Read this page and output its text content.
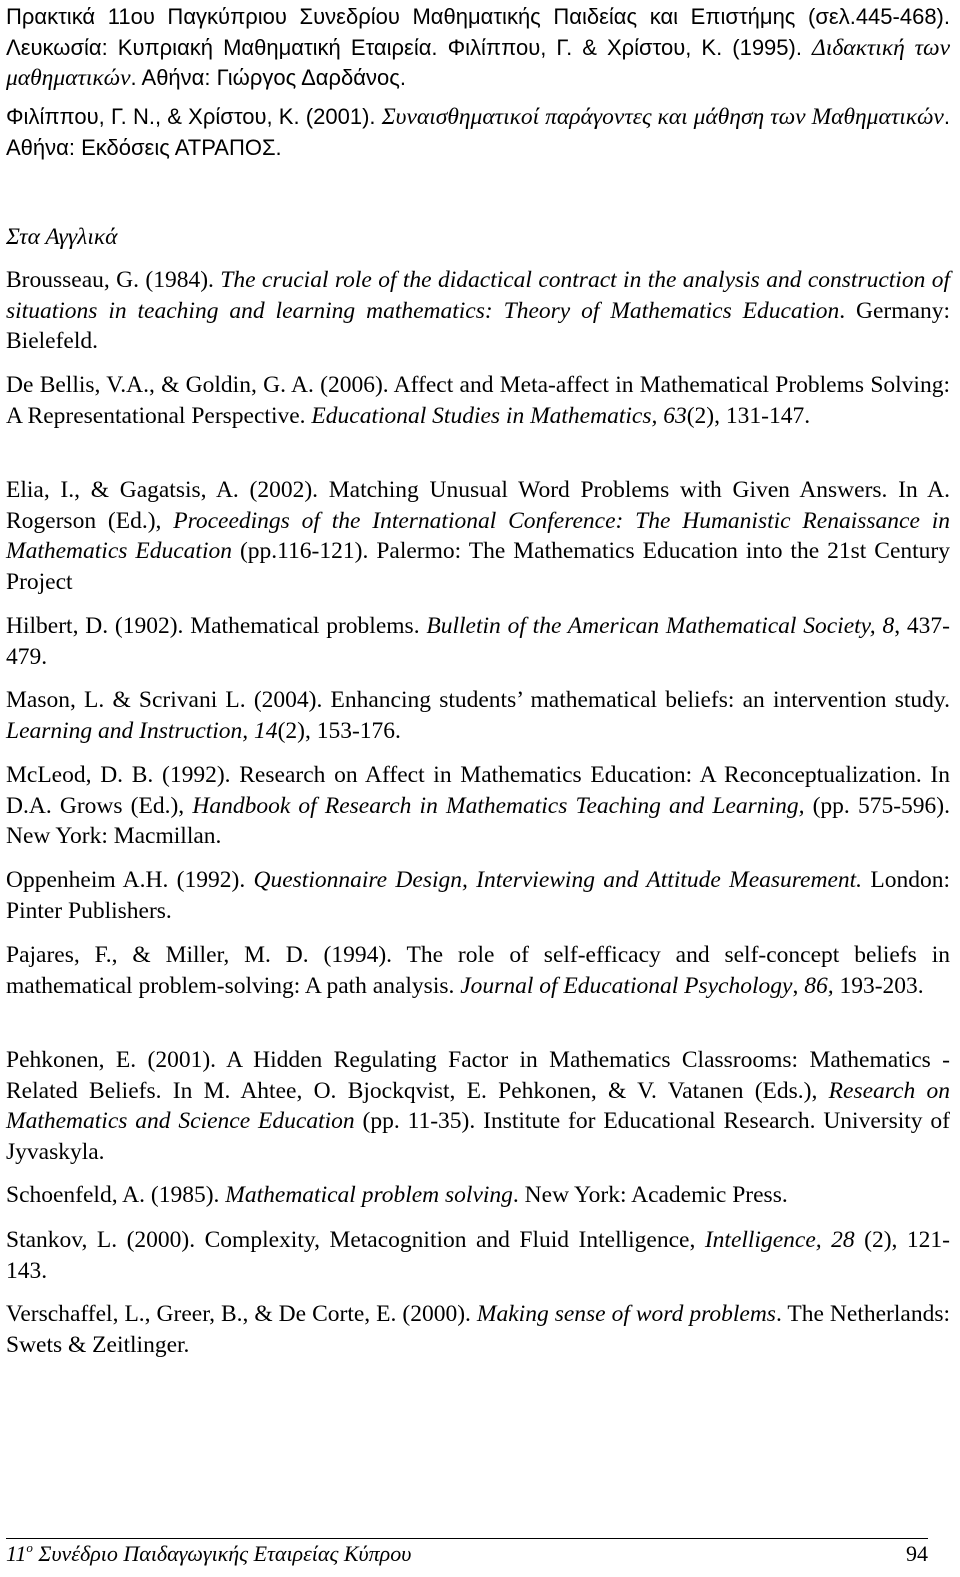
Πρακτικά 11ου Παγκύπριου Συνεδρίου Μαθηματικής Παιδείας και Επιστήμης (σελ.445-468). Λευκωσία: Κυπριακή Μαθηματική Εταιρεία. Φιλίππου, Γ. & Χρίστου, Κ. (1995). Διδακτική των μαθηματικών. Αθήνα: Γιώργος Δαρδάνος.

Φιλίππου, Γ. Ν., & Χρίστου, Κ. (2001). Συναισθηματικοί παράγοντες και μάθηση των Μαθηματικών. Αθήνα: Εκδόσεις ΑΤΡΑΠΟΣ.

Στα Αγγλικά

Brousseau, G. (1984). The crucial role of the didactical contract in the analysis and construction of situations in teaching and learning mathematics: Theory of Mathematics Education. Germany: Bielefeld.

De Bellis, V.A., & Goldin, G. A. (2006). Affect and Meta-affect in Mathematical Problems Solving: A Representational Perspective. Educational Studies in Mathematics, 63(2), 131-147.

Elia, I., & Gagatsis, A. (2002). Matching Unusual Word Problems with Given Answers. In A. Rogerson (Ed.), Proceedings of the International Conference: The Humanistic Renaissance in Mathematics Education (pp.116-121). Palermo: The Mathematics Education into the 21st Century Project

Hilbert, D. (1902). Mathematical problems. Bulletin of the American Mathematical Society, 8, 437-479.

Mason, L. & Scrivani L. (2004). Enhancing students’ mathematical beliefs: an intervention study. Learning and Instruction, 14(2), 153-176.

McLeod, D. B. (1992). Research on Affect in Mathematics Education: A Reconceptualization. In D.A. Grows (Ed.), Handbook of Research in Mathematics Teaching and Learning, (pp. 575-596). New York: Macmillan.

Oppenheim A.H. (1992). Questionnaire Design, Interviewing and Attitude Measurement. London: Pinter Publishers.

Pajares, F., & Miller, M. D. (1994). The role of self-efficacy and self-concept beliefs in mathematical problem-solving: A path analysis. Journal of Educational Psychology, 86, 193-203.

Pehkonen, E. (2001). A Hidden Regulating Factor in Mathematics Classrooms: Mathematics -Related Beliefs. In M. Ahtee, O. Bjockqvist, E. Pehkonen, & V. Vatanen (Eds.), Research on Mathematics and Science Education (pp. 11-35). Institute for Educational Research. University of Jyvaskyla.

Schoenfeld, A. (1985). Mathematical problem solving. New York: Academic Press.

Stankov, L. (2000). Complexity, Metacognition and Fluid Intelligence, Intelligence, 28 (2), 121-143.

Verschaffel, L., Greer, B., & De Corte, E. (2000). Making sense of word problems. The Netherlands: Swets & Zeitlinger.

$11^o$ Συνέδριο Παιδαγωγικής Εταιρείας Κύπρου	94
